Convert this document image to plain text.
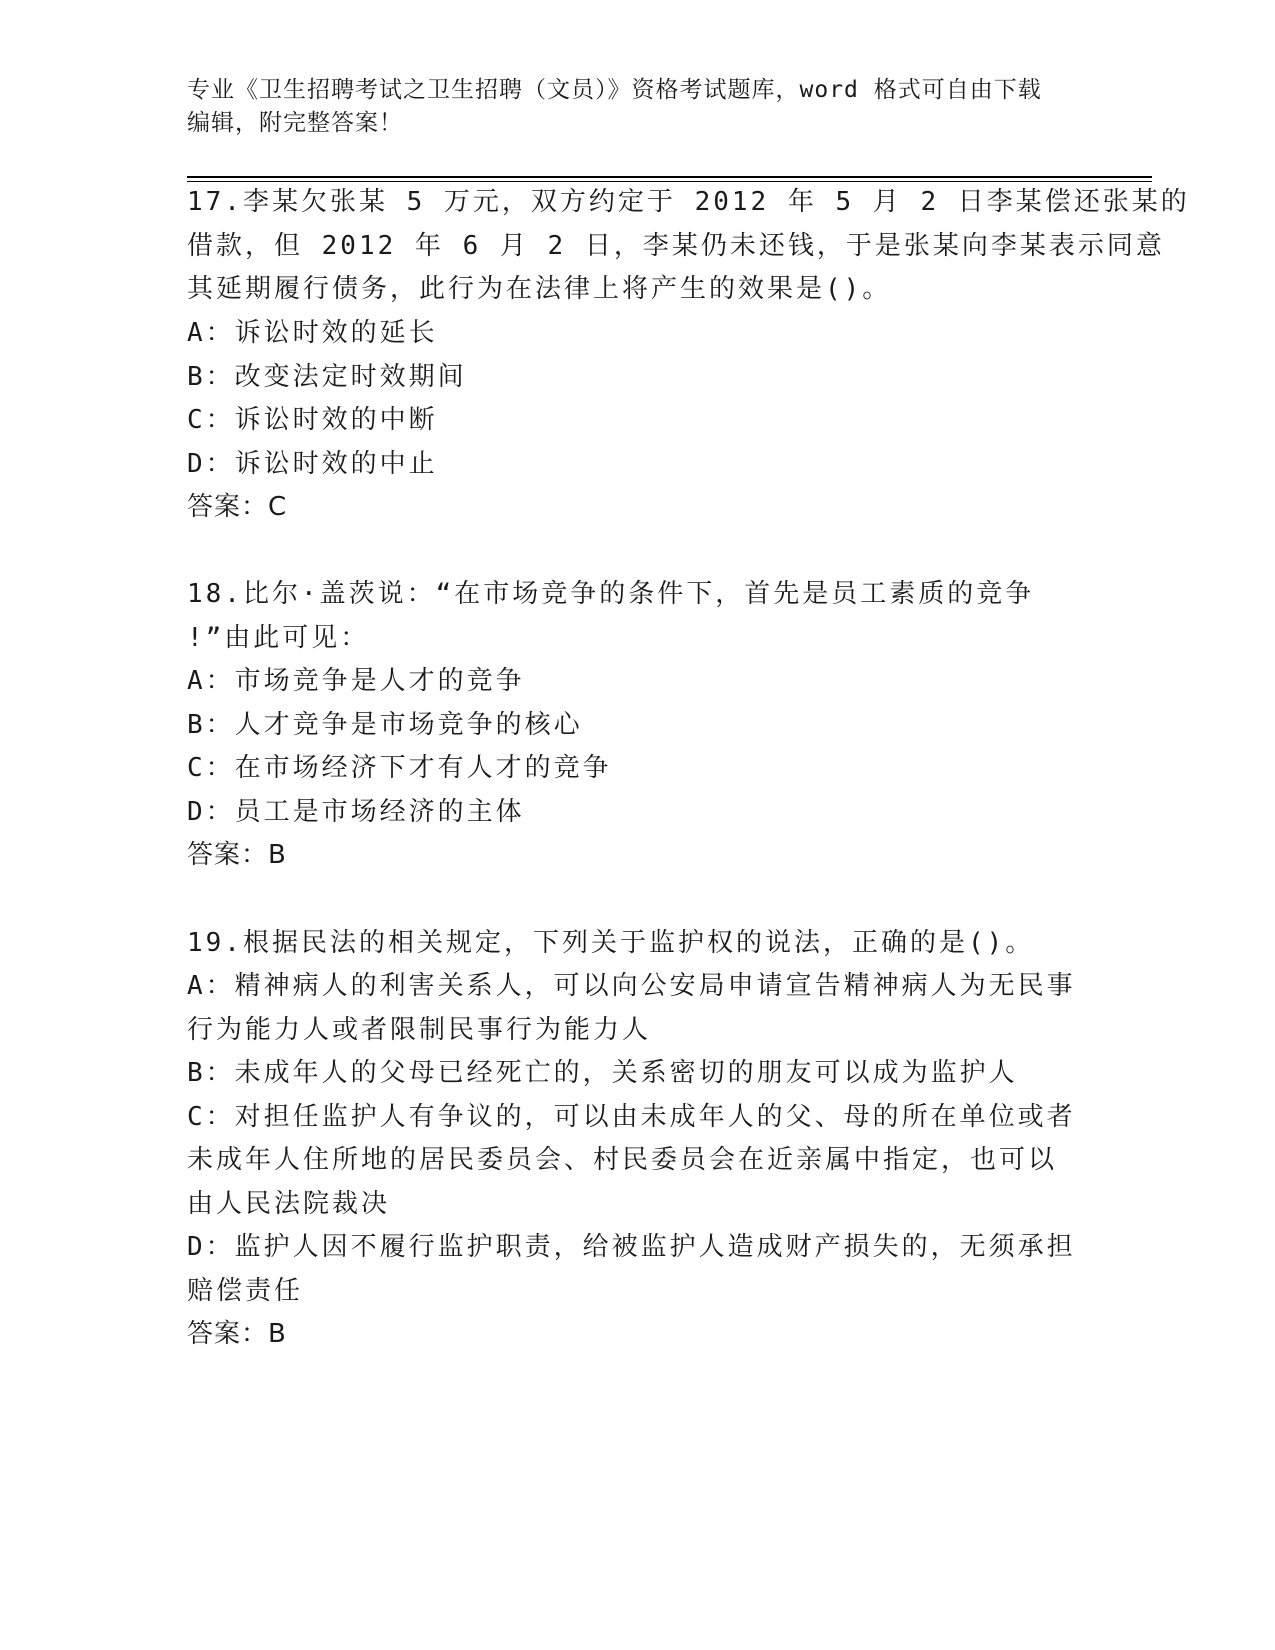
专业《卫生招聘考试之卫生招聘（文员）》资格考试题库，word 格式可自由下载
编辑，附完整答案！
17.李某欠张某 5 万元，双方约定于 2012 年 5 月 2 日李某偿还张某的
借款，但 2012 年 6 月 2 日，李某仍未还钱，于是张某向李某表示同意
其延期履行债务，此行为在法律上将产生的效果是()。
A：诉讼时效的延长
B：改变法定时效期间
C：诉讼时效的中断
D：诉讼时效的中止
答案：C
18.比尔·盖茨说：“在市场竞争的条件下，首先是员工素质的竞争
!”由此可见：
A：市场竞争是人才的竞争
B：人才竞争是市场竞争的核心
C：在市场经济下才有人才的竞争
D：员工是市场经济的主体
答案：B
19.根据民法的相关规定，下列关于监护权的说法，正确的是()。
A：精神病人的利害关系人，可以向公安局申请宣告精神病人为无民事
行为能力人或者限制民事行为能力人
B：未成年人的父母已经死亡的，关系密切的朋友可以成为监护人
C：对担任监护人有争议的，可以由未成年人的父、母的所在单位或者
未成年人住所地的居民委员会、村民委员会在近亲属中指定，也可以
由人民法院裁决
D：监护人因不履行监护职责，给被监护人造成财产损失的，无须承担
赔偿责任
答案：B
